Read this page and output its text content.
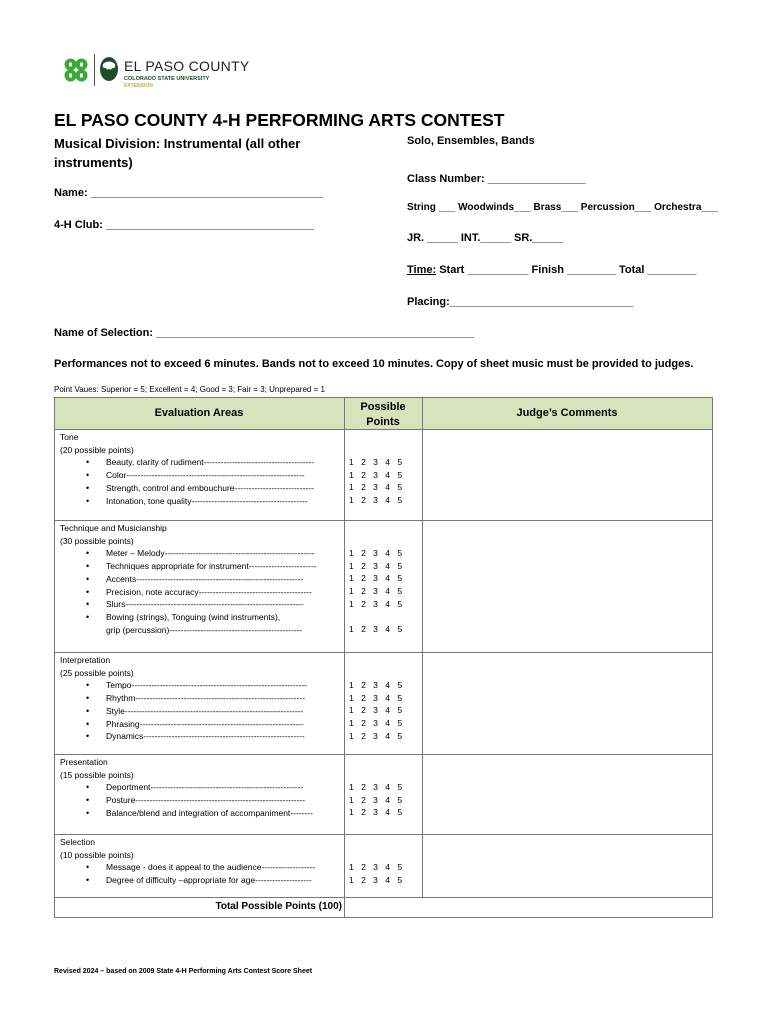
EL PASO COUNTY
COLORADO STATE UNIVERSITY
EXTENSION
EL PASO COUNTY 4-H PERFORMING ARTS CONTEST
Musical Division: Instrumental (all other instruments)
Solo, Ensembles, Bands
Class Number: ________________
Name: ______________________________________
String ___ Woodwinds___ Brass___ Percussion___ Orchestra___
4-H Club: __________________________________
JR. _____ INT._____ SR._____
Time: Start __________ Finish ________ Total ________
Placing:______________________________
Name of Selection: ____________________________________________________
Performances not to exceed 6 minutes. Bands not to exceed 10 minutes. Copy of sheet music must be provided to judges.
Point Vaues: Superior = 5; Excellent = 4; Good = 3; Fair = 3; Unprepared = 1
Evaluation Areas	Possible
Points
Judge’s Comments
Tone
(20 possible points)
• Beauty, clarity of rudiment---------------------------------------
• Color---------------------------------------------------------------
• Strength, control and embouchure----------------------------
• Intonation, tone quality-----------------------------------------
1 2 3 4 5
1 2 3 4 5
1 2 3 4 5
1 2 3 4 5
Technique and Musicianship
(30 possible points)
• Meter – Melody-----------------------------------------------------
• Techniques appropriate for instrument------------------------
• Accents-----------------------------------------------------------
• Precision, note accuracy----------------------------------------
• Slurs---------------------------------------------------------------
• Bowing (strings), Tonguing (wind instruments),
grip (percussion)-----------------------------------------------
1 2 3 4 5
1 2 3 4 5
1 2 3 4 5
1 2 3 4 5
1 2 3 4 5
1 2 3 4 5
Interpretation
(25 possible points)
• Tempo--------------------------------------------------------------
• Rhythm------------------------------------------------------------
• Style---------------------------------------------------------------
• Phrasing----------------------------------------------------------
• Dynamics---------------------------------------------------------
1 2 3 4 5
1 2 3 4 5
1 2 3 4 5
1 2 3 4 5
1 2 3 4 5
Presentation
(15 possible points)
• Deportment------------------------------------------------------
• Posture------------------------------------------------------------
• Balance/blend and integration of accompaniment--------
1 2 3 4 5
1 2 3 4 5
1 2 3 4 5
Selection
(10 possible points)
• Message - does it appeal to the audience-------------------
• Degree of difficulty –appropriate for age--------------------
1 2 3 4 5
1 2 3 4 5
Total Possible Points (100)
Revised 2024 – based on 2009 State 4-H Performing Arts Contest Score Sheet
